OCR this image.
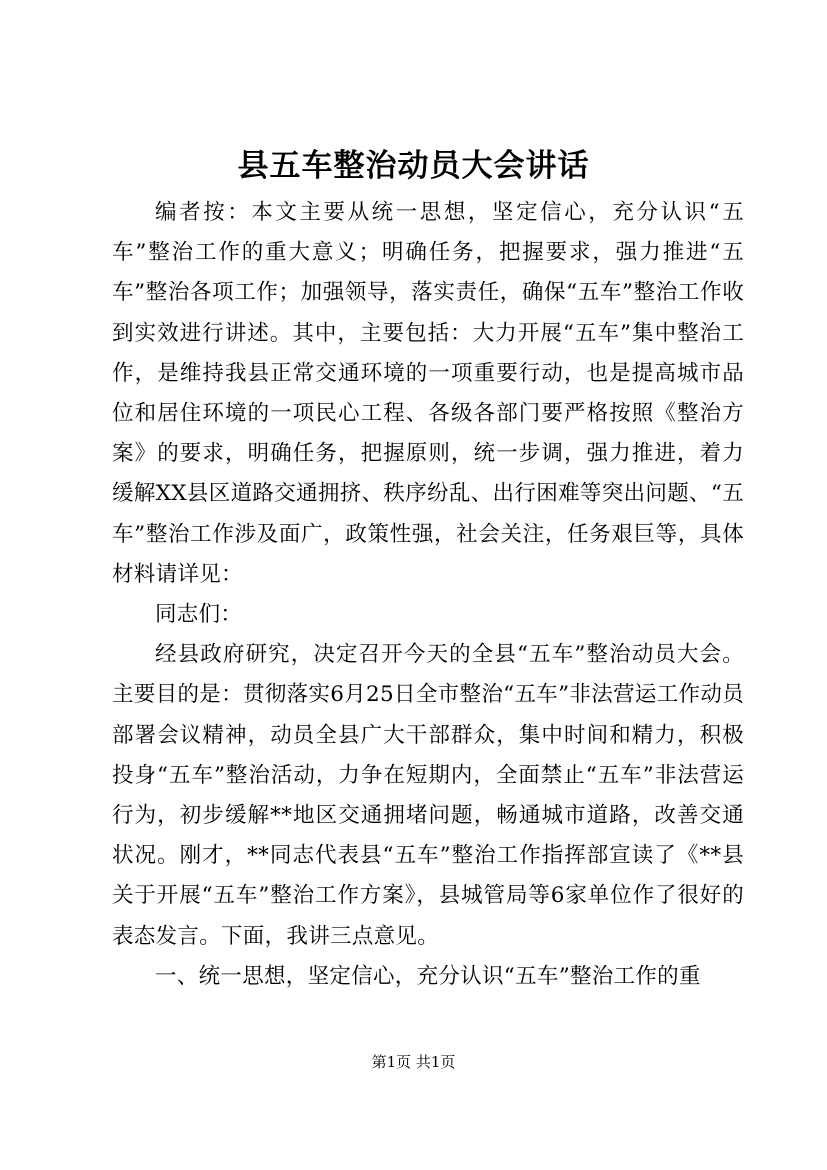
县五车整治动员大会讲话

编者按：本文主要从统一思想，坚定信心，充分认识“五车”整治工作的重大意义；明确任务，把握要求，强力推进“五车”整治各项工作；加强领导，落实责任，确保“五车”整治工作收到实效进行讲述。其中，主要包括：大力开展“五车”集中整治工作，是维持我县正常交通环境的一项重要行动，也是提高城市品位和居住环境的一项民心工程、各级各部门要严格按照《整治方案》的要求，明确任务，把握原则，统一步调，强力推进，着力缓解XX县区道路交通拥挤、秩序纷乱、出行困难等突出问题、“五车”整治工作涉及面广，政策性强，社会关注，任务艰巨等，具体材料请详见：

同志们：

经县政府研究，决定召开今天的全县“五车”整治动员大会。主要目的是：贯彻落实6月25日全市整治“五车”非法营运工作动员部署会议精神，动员全县广大干部群众，集中时间和精力，积极投身“五车”整治活动，力争在短期内，全面禁止“五车”非法营运行为，初步缓解**地区交通拥堵问题，畅通城市道路，改善交通状况。刚才，**同志代表县“五车”整治工作指挥部宣读了《**县关于开展“五车”整治工作方案》，县城管局等6家单位作了很好的表态发言。下面，我讲三点意见。

一、统一思想，坚定信心，充分认识“五车”整治工作的重

第1页 共1页
